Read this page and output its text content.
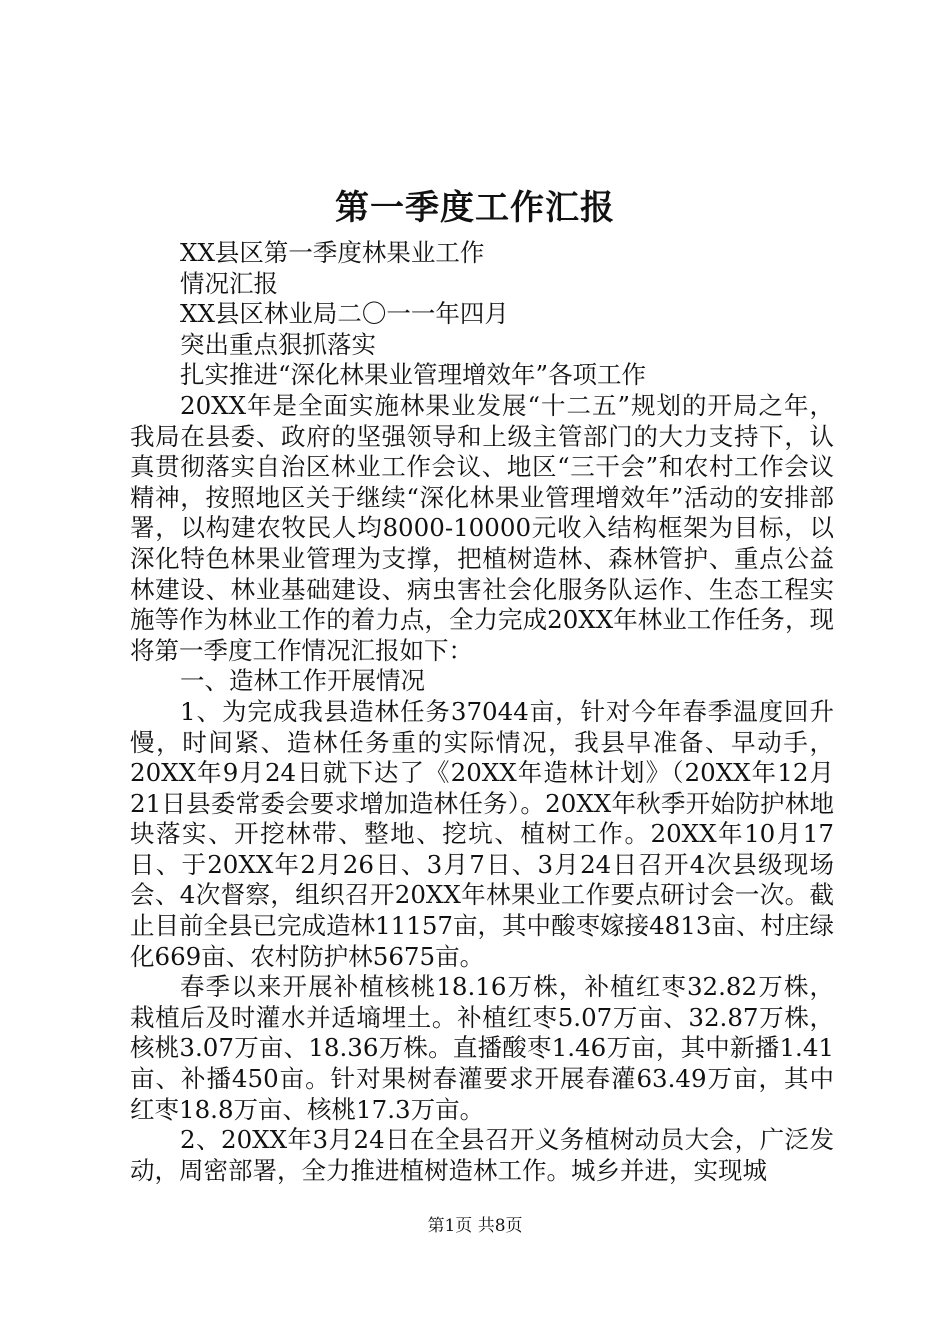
第一季度工作汇报

XX县区第一季度林果业工作

情况汇报

XX县区林业局二〇一一年四月

突出重点狠抓落实

扎实推进“深化林果业管理增效年”各项工作

20XX年是全面实施林果业发展“十二五”规划的开局之年，我局在县委、政府的坚强领导和上级主管部门的大力支持下，认真贯彻落实自治区林业工作会议、地区“三干会”和农村工作会议精神，按照地区关于继续“深化林果业管理增效年”活动的安排部署，以构建农牧民人均8000-10000元收入结构框架为目标，以深化特色林果业管理为支撑，把植树造林、森林管护、重点公益林建设、林业基础建设、病虫害社会化服务队运作、生态工程实施等作为林业工作的着力点，全力完成20XX年林业工作任务，现将第一季度工作情况汇报如下：

一、造林工作开展情况

1、为完成我县造林任务37044亩，针对今年春季温度回升慢，时间紧、造林任务重的实际情况，我县早准备、早动手，20XX年9月24日就下达了《20XX年造林计划》（20XX年12月21日县委常委会要求增加造林任务）。20XX年秋季开始防护林地块落实、开挖林带、整地、挖坑、植树工作。20XX年10月17日、于20XX年2月26日、3月7日、3月24日召开4次县级现场会、4次督察，组织召开20XX年林果业工作要点研讨会一次。截止目前全县已完成造林11157亩，其中酸枣嫁接4813亩、村庄绿化669亩、农村防护林5675亩。

春季以来开展补植核桃18.16万株，补植红枣32.82万株，栽植后及时灌水并适墒埋土。补植红枣5.07万亩、32.87万株，核桃3.07万亩、18.36万株。直播酸枣1.46万亩，其中新播1.41亩、补播450亩。针对果树春灌要求开展春灌63.49万亩，其中红枣18.8万亩、核桃17.3万亩。

2、20XX年3月24日在全县召开义务植树动员大会，广泛发动，周密部署，全力推进植树造林工作。城乡并进，实现城

第1页 共8页
